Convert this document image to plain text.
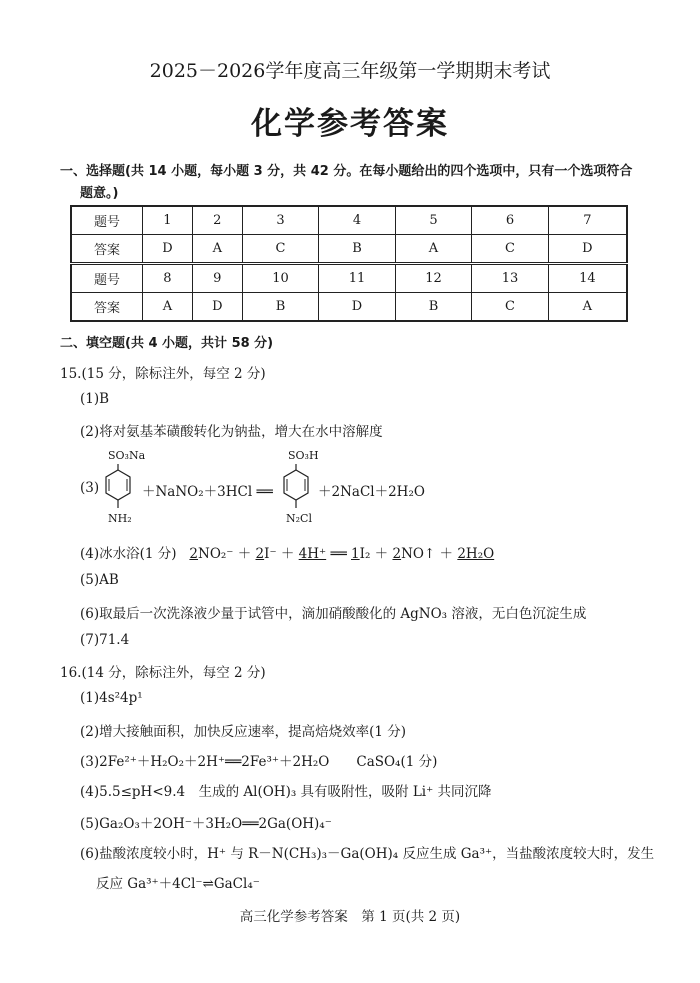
2025－2026学年度高三年级第一学期期末考试
化学参考答案
一、选择题(共 14 小题，每小题 3 分，共 42 分。在每小题给出的四个选项中，只有一个选项符合
题意。)
题号	1	2	3	4	5	6	7
答案	D	A	C	B	A	C	D
题号	8	9	10	11	12	13	14
答案	A	D	B	D	B	C	A
二、填空题(共 4 小题，共计 58 分)
15.(15 分，除标注外，每空 2 分)
(1)B
(2)将对氨基苯磺酸转化为钠盐，增大在水中溶解度
(3)
SO₃Na
NH₂
＋NaNO₂＋3HCl ══
SO₃H
N₂Cl
＋2NaCl＋2H₂O
(4)冰水浴(1 分) 2NO₂⁻ ＋ 2I⁻ ＋ 4H⁺ ══ 1I₂ ＋ 2NO↑ ＋ 2H₂O
(5)AB
(6)取最后一次洗涤液少量于试管中，滴加硝酸酸化的 AgNO₃ 溶液，无白色沉淀生成
(7)71.4
16.(14 分，除标注外，每空 2 分)
(1)4s²4p¹
(2)增大接触面积，加快反应速率，提高焙烧效率(1 分)
(3)2Fe²⁺＋H₂O₂＋2H⁺══2Fe³⁺＋2H₂O　　CaSO₄(1 分)
(4)5.5≤pH<9.4　生成的 Al(OH)₃ 具有吸附性，吸附 Li⁺ 共同沉降
(5)Ga₂O₃＋2OH⁻＋3H₂O══2Ga(OH)₄⁻
(6)盐酸浓度较小时，H⁺ 与 R－N(CH₃)₃－Ga(OH)₄ 反应生成 Ga³⁺，当盐酸浓度较大时，发生
反应 Ga³⁺＋4Cl⁻⇌GaCl₄⁻
高三化学参考答案　第 1 页(共 2 页)
